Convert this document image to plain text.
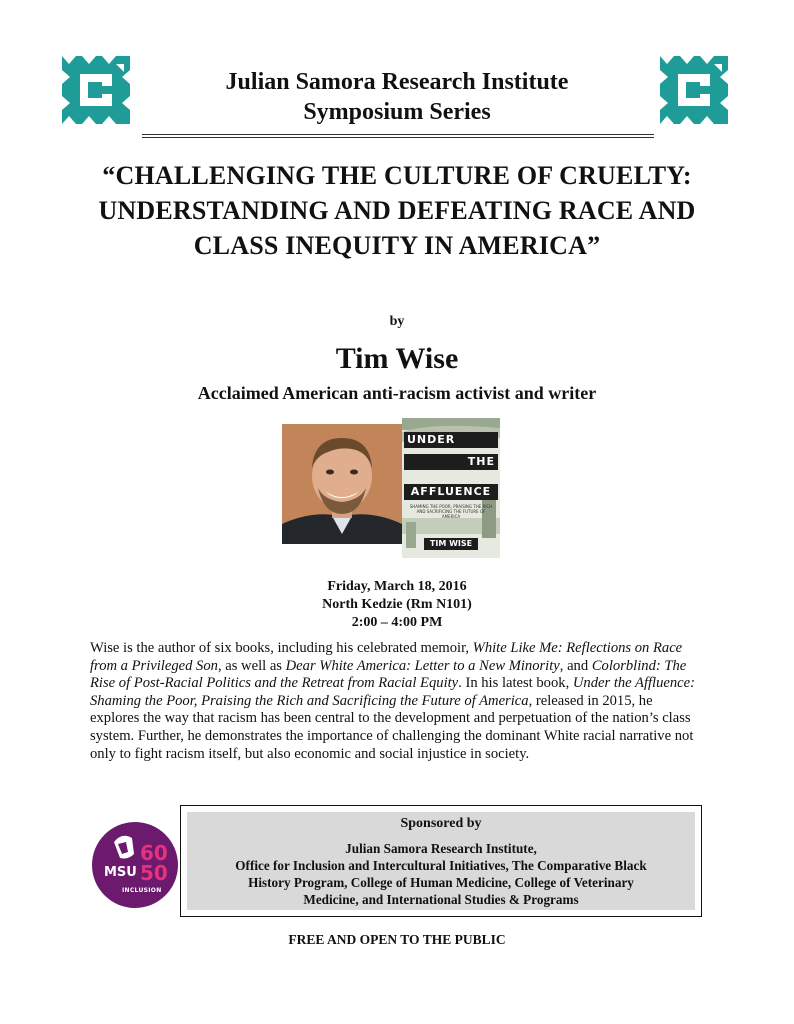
Julian Samora Research Institute
Symposium Series
“CHALLENGING THE CULTURE OF CRUELTY: UNDERSTANDING AND DEFEATING RACE AND CLASS INEQUITY IN AMERICA”
by
Tim Wise
Acclaimed American anti-racism activist and writer
UNDER
THE
AFFLUENCE
SHAMING THE POOR, PRAISING THE RICH AND SACRIFICING THE FUTURE OF AMERICA
TIM WISE
Friday, March 18, 2016
North Kedzie (Rm N101)
2:00 – 4:00 PM
Wise is the author of six books, including his celebrated memoir, White Like Me: Reflections on Race from a Privileged Son, as well as Dear White America: Letter to a New Minority, and Colorblind: The Rise of Post-Racial Politics and the Retreat from Racial Equity. In his latest book, Under the Affluence: Shaming the Poor, Praising the Rich and Sacrificing the Future of America, released in 2015, he explores the way that racism has been central to the development and perpetuation of the nation’s class system. Further, he demonstrates the importance of challenging the dominant White racial narrative not only to fight racism itself, but also economic and social injustice in society.
60
MSU 50
INCLUSION
Sponsored by
Julian Samora Research Institute,
Office for Inclusion and Intercultural Initiatives, The Comparative Black
History Program, College of Human Medicine, College of Veterinary
Medicine, and International Studies & Programs
FREE AND OPEN TO THE PUBLIC
